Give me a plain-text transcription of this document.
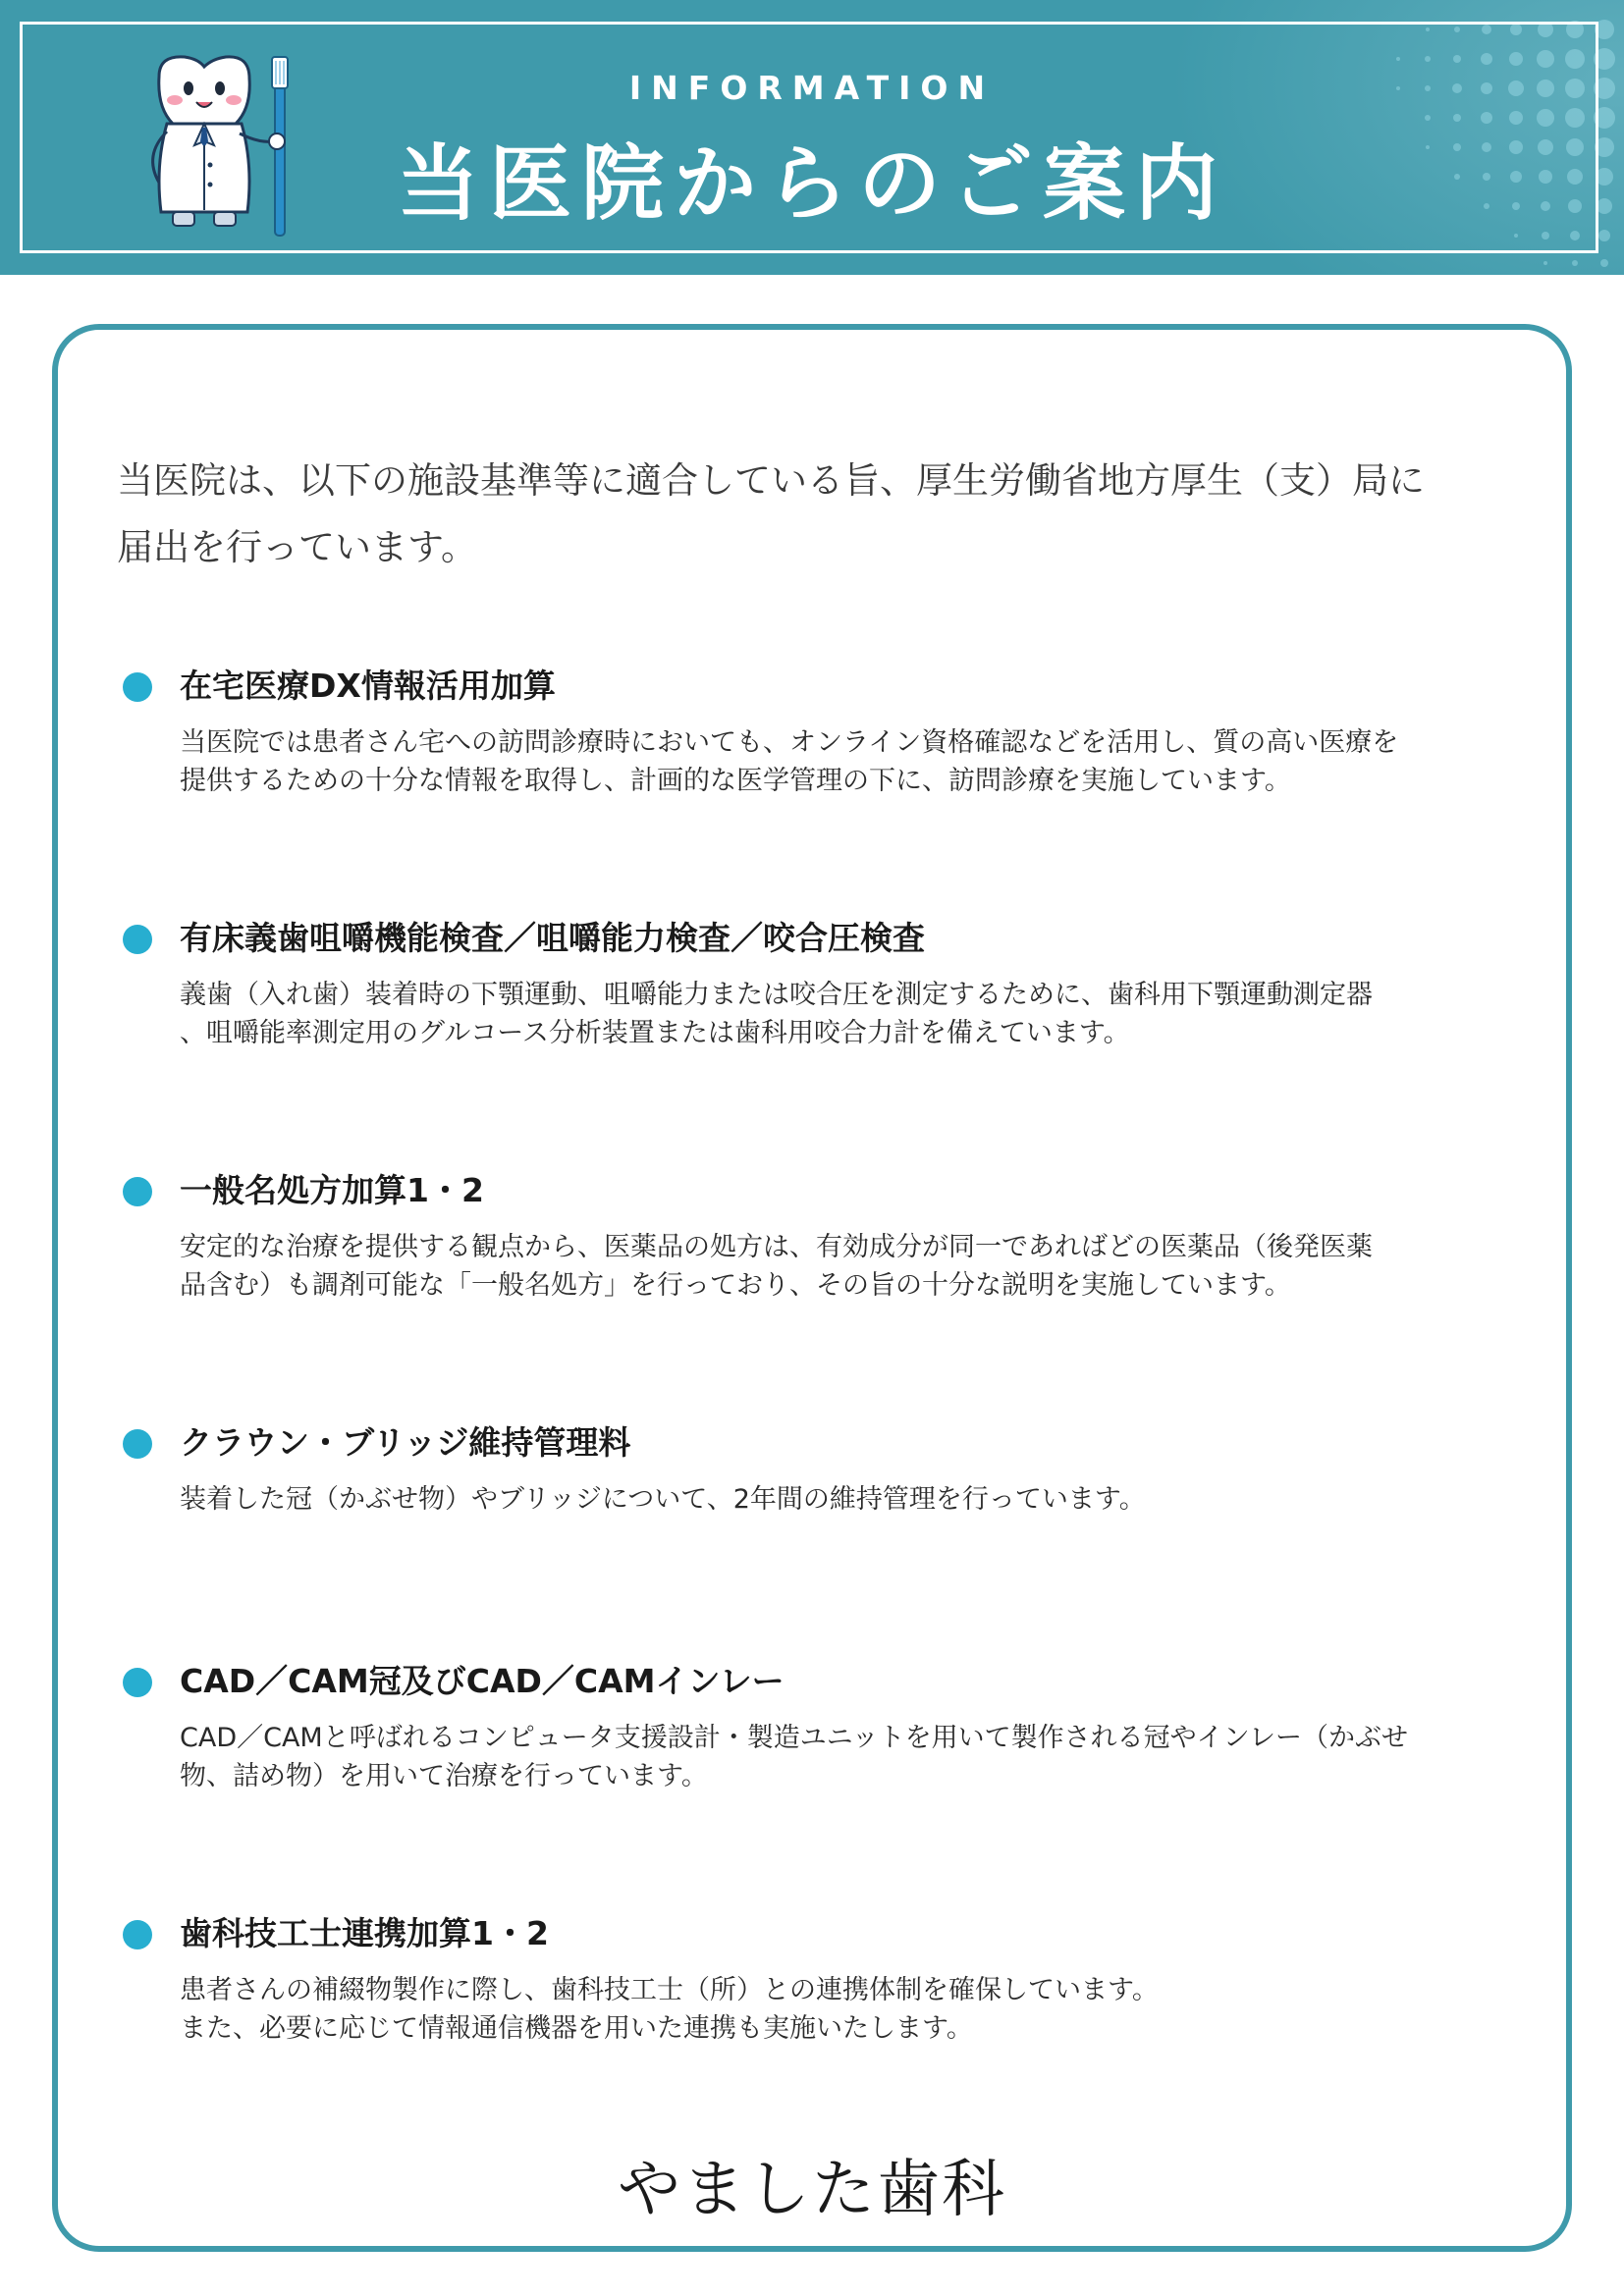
INFORMATION
当医院からのご案内
当医院は、以下の施設基準等に適合している旨、厚生労働省地方厚生（支）局に
届出を行っています。
在宅医療DX情報活用加算

当医院では患者さん宅への訪問診療時においても、オンライン資格確認などを活用し、質の高い医療を

提供するための十分な情報を取得し、計画的な医学管理の下に、訪問診療を実施しています。

有床義歯咀嚼機能検査／咀嚼能力検査／咬合圧検査

義歯（入れ歯）装着時の下顎運動、咀嚼能力または咬合圧を測定するために、歯科用下顎運動測定器

、咀嚼能率測定用のグルコース分析装置または歯科用咬合力計を備えています。

一般名処方加算1・2

安定的な治療を提供する観点から、医薬品の処方は、有効成分が同一であればどの医薬品（後発医薬

品含む）も調剤可能な「一般名処方」を行っており、その旨の十分な説明を実施しています。

クラウン・ブリッジ維持管理料

装着した冠（かぶせ物）やブリッジについて、2年間の維持管理を行っています。

CAD／CAM冠及びCAD／CAMインレー

CAD／CAMと呼ばれるコンピュータ支援設計・製造ユニットを用いて製作される冠やインレー（かぶせ

物、詰め物）を用いて治療を行っています。

歯科技工士連携加算1・2

患者さんの補綴物製作に際し、歯科技工士（所）との連携体制を確保しています。

また、必要に応じて情報通信機器を用いた連携も実施いたします。

やました歯科
